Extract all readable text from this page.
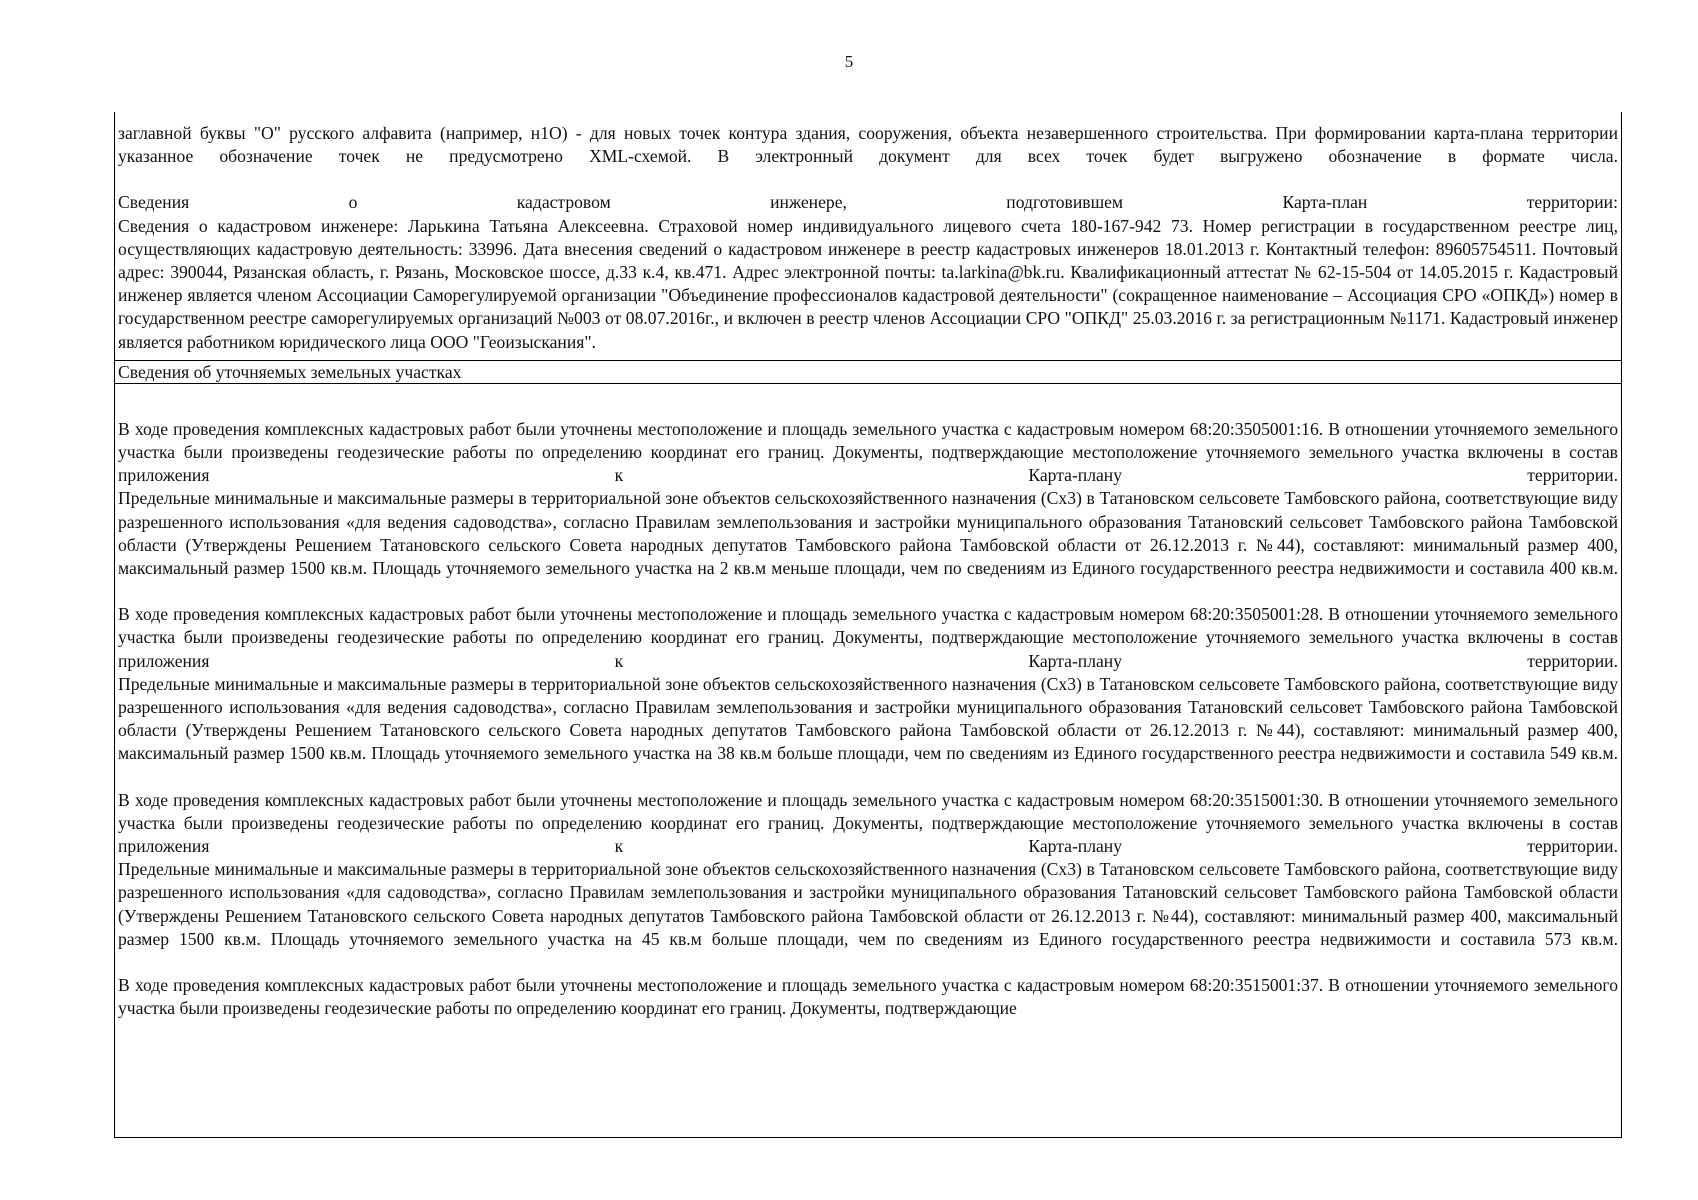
5

заглавной буквы "О" русского алфавита (например, н1О) - для новых точек контура здания, сооружения, объекта незавершенного строительства. При формировании карта-плана территории указанное обозначение точек не предусмотрено XML-схемой. В электронный документ для всех точек будет выгружено обозначение в формате числа.

Сведения о кадастровом инженере, подготовившем Карта-план территории:

Сведения о кадастровом инженере: Ларькина Татьяна Алексеевна. Страховой номер индивидуального лицевого счета 180-167-942 73. Номер регистрации в государственном реестре лиц, осуществляющих кадастровую деятельность: 33996. Дата внесения сведений о кадастровом инженере в реестр кадастровых инженеров 18.01.2013 г. Контактный телефон: 89605754511. Почтовый адрес: 390044, Рязанская область, г. Рязань, Московское шоссе, д.33 к.4, кв.471. Адрес электронной почты: ta.larkina@bk.ru. Квалификационный аттестат № 62-15-504 от 14.05.2015 г. Кадастровый инженер является членом Ассоциации Саморегулируемой организации "Объединение профессионалов кадастровой деятельности" (сокращенное наименование – Ассоциация СРО «ОПКД») номер в государственном реестре саморегулируемых организаций №003 от 08.07.2016г., и включен в реестр членов Ассоциации СРО "ОПКД" 25.03.2016 г. за регистрационным №1171. Кадастровый инженер является работником юридического лица ООО "Геоизыскания".

Сведения об уточняемых земельных участках

В ходе проведения комплексных кадастровых работ были уточнены местоположение и площадь земельного участка с кадастровым номером 68:20:3505001:16. В отношении уточняемого земельного участка были произведены геодезические работы по определению координат его границ. Документы, подтверждающие местоположение уточняемого земельного участка включены в состав приложения к Карта-плану территории.

Предельные минимальные и максимальные размеры в территориальной зоне объектов сельскохозяйственного назначения (Сх3) в Татановском сельсовете Тамбовского района, соответствующие виду разрешенного использования «для ведения садоводства», согласно Правилам землепользования и застройки муниципального образования Татановский сельсовет Тамбовского района Тамбовской области (Утверждены Решением Татановского сельского Совета народных депутатов Тамбовского района Тамбовской области от 26.12.2013 г. №44), составляют: минимальный размер 400, максимальный размер 1500 кв.м. Площадь уточняемого земельного участка на 2 кв.м меньше площади, чем по сведениям из Единого государственного реестра недвижимости и составила 400 кв.м.

В ходе проведения комплексных кадастровых работ были уточнены местоположение и площадь земельного участка с кадастровым номером 68:20:3505001:28. В отношении уточняемого земельного участка были произведены геодезические работы по определению координат его границ. Документы, подтверждающие местоположение уточняемого земельного участка включены в состав приложения к Карта-плану территории.

Предельные минимальные и максимальные размеры в территориальной зоне объектов сельскохозяйственного назначения (Сх3) в Татановском сельсовете Тамбовского района, соответствующие виду разрешенного использования «для ведения садоводства», согласно Правилам землепользования и застройки муниципального образования Татановский сельсовет Тамбовского района Тамбовской области (Утверждены Решением Татановского сельского Совета народных депутатов Тамбовского района Тамбовской области от 26.12.2013 г. №44), составляют: минимальный размер 400, максимальный размер 1500 кв.м. Площадь уточняемого земельного участка на 38 кв.м больше площади, чем по сведениям из Единого государственного реестра недвижимости и составила 549 кв.м.

В ходе проведения комплексных кадастровых работ были уточнены местоположение и площадь земельного участка с кадастровым номером 68:20:3515001:30. В отношении уточняемого земельного участка были произведены геодезические работы по определению координат его границ. Документы, подтверждающие местоположение уточняемого земельного участка включены в состав приложения к Карта-плану территории.

Предельные минимальные и максимальные размеры в территориальной зоне объектов сельскохозяйственного назначения (Сх3) в Татановском сельсовете Тамбовского района, соответствующие виду разрешенного использования «для садоводства», согласно Правилам землепользования и застройки муниципального образования Татановский сельсовет Тамбовского района Тамбовской области (Утверждены Решением Татановского сельского Совета народных депутатов Тамбовского района Тамбовской области от 26.12.2013 г. №44), составляют: минимальный размер 400, максимальный размер 1500 кв.м. Площадь уточняемого земельного участка на 45 кв.м больше площади, чем по сведениям из Единого государственного реестра недвижимости и составила 573 кв.м.

В ходе проведения комплексных кадастровых работ были уточнены местоположение и площадь земельного участка с кадастровым номером 68:20:3515001:37. В отношении уточняемого земельного участка были произведены геодезические работы по определению координат его границ. Документы, подтверждающие
